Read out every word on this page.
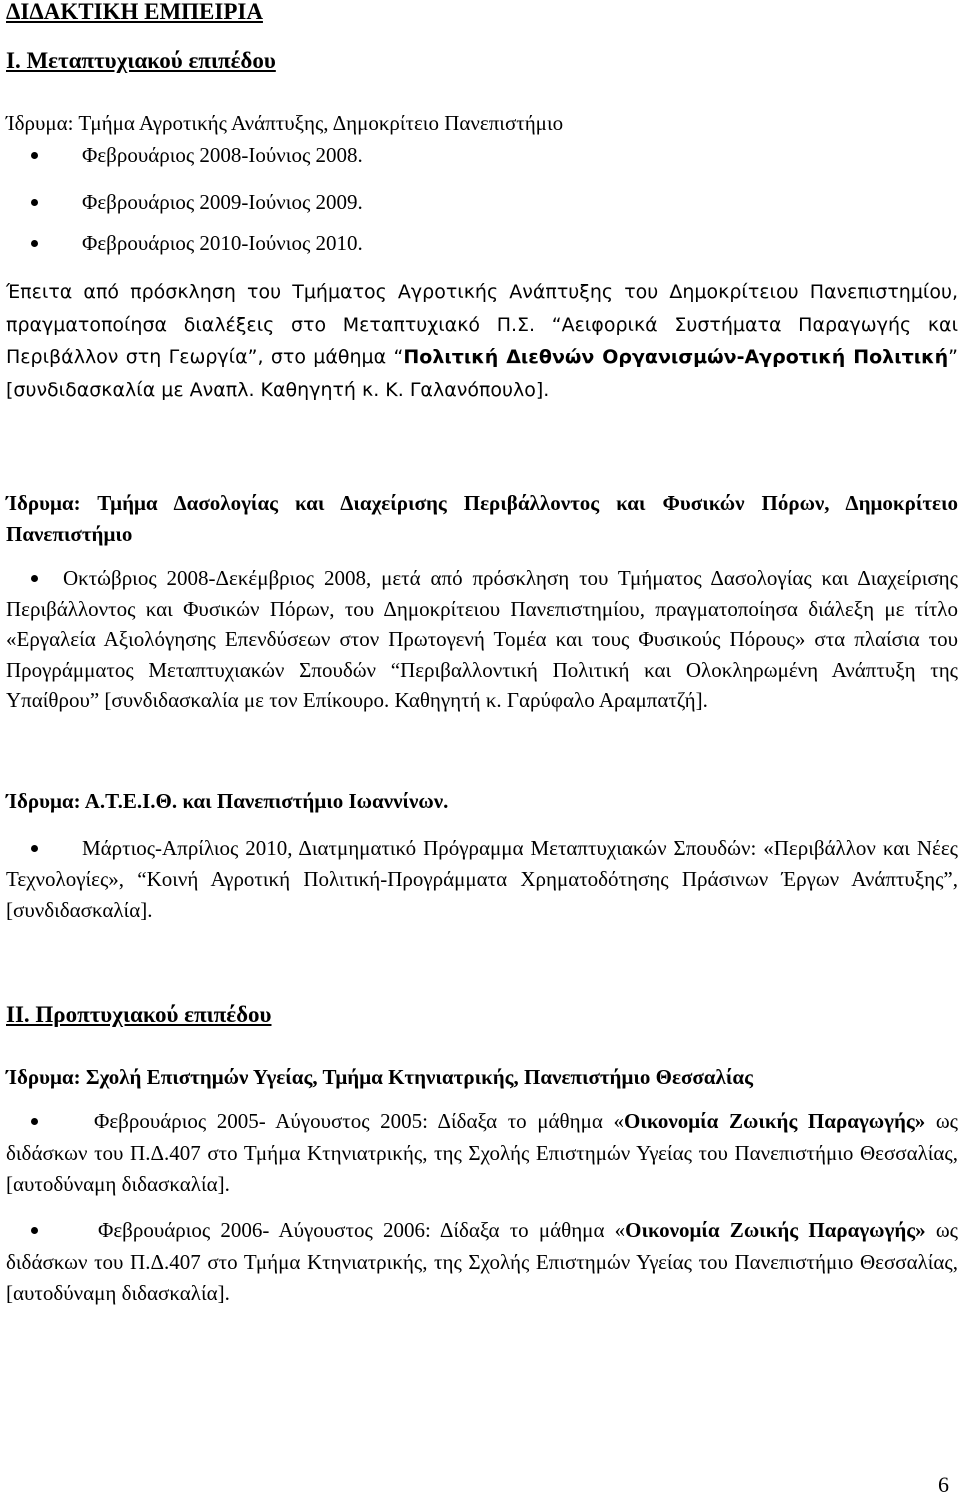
ΔΙΔΑΚΤΙΚΗ ΕΜΠΕΙΡΙΑ
Ι. Μεταπτυχιακού επιπέδου
Ίδρυμα: Τμήμα Αγροτικής Ανάπτυξης, Δημοκρίτειο Πανεπιστήμιο
Φεβρουάριος 2008-Ιούνιος 2008.
Φεβρουάριος 2009-Ιούνιος 2009.
Φεβρουάριος 2010-Ιούνιος 2010.
Έπειτα από πρόσκληση του Τμήματος Αγροτικής Ανάπτυξης του Δημοκρίτειου Πανεπιστημίου, πραγματοποίησα διαλέξεις στο Μεταπτυχιακό Π.Σ. “Αειφορικά Συστήματα Παραγωγής και Περιβάλλον στη Γεωργία”, στο μάθημα “Πολιτική Διεθνών Οργανισμών-Αγροτική Πολιτική” [συνδιδασκαλία με Αναπλ. Καθηγητή κ. Κ. Γαλανόπουλο].
Ίδρυμα: Τμήμα Δασολογίας και Διαχείρισης Περιβάλλοντος και Φυσικών Πόρων, Δημοκρίτειο Πανεπιστήμιο
Οκτώβριος 2008-Δεκέμβριος 2008, μετά από πρόσκληση του Τμήματος Δασολογίας και Διαχείρισης Περιβάλλοντος και Φυσικών Πόρων, του Δημοκρίτειου Πανεπιστημίου, πραγματοποίησα διάλεξη με τίτλο «Εργαλεία Αξιολόγησης Επενδύσεων στον Πρωτογενή Τομέα και τους Φυσικούς Πόρους» στα πλαίσια του Προγράμματος Μεταπτυχιακών Σπουδών “Περιβαλλοντική Πολιτική και Ολοκληρωμένη Ανάπτυξη της Υπαίθρου” [συνδιδασκαλία με τον Επίκουρο. Καθηγητή κ. Γαρύφαλο Αραμπατζή].
Ίδρυμα: Α.Τ.Ε.Ι.Θ. και Πανεπιστήμιο Ιωαννίνων.
Μάρτιος-Απρίλιος 2010, Διατμηματικό Πρόγραμμα Μεταπτυχιακών Σπουδών: «Περιβάλλον και Νέες Τεχνολογίες», “Κοινή Αγροτική Πολιτική-Προγράμματα Χρηματοδότησης Πράσινων Έργων Ανάπτυξης”, [συνδιδασκαλία].
ΙΙ. Προπτυχιακού επιπέδου
Ίδρυμα: Σχολή Επιστημών Υγείας, Τμήμα Κτηνιατρικής, Πανεπιστήμιο Θεσσαλίας
Φεβρουάριος 2005- Αύγουστος 2005: Δίδαξα το μάθημα «Οικονομία Ζωικής Παραγωγής» ως διδάσκων του Π.Δ.407 στο Τμήμα Κτηνιατρικής, της Σχολής Επιστημών Υγείας του Πανεπιστήμιο Θεσσαλίας, [αυτοδύναμη διδασκαλία].
Φεβρουάριος 2006- Αύγουστος 2006: Δίδαξα το μάθημα «Οικονομία Ζωικής Παραγωγής» ως διδάσκων του Π.Δ.407 στο Τμήμα Κτηνιατρικής, της Σχολής Επιστημών Υγείας του Πανεπιστήμιο Θεσσαλίας, [αυτοδύναμη διδασκαλία].
6
